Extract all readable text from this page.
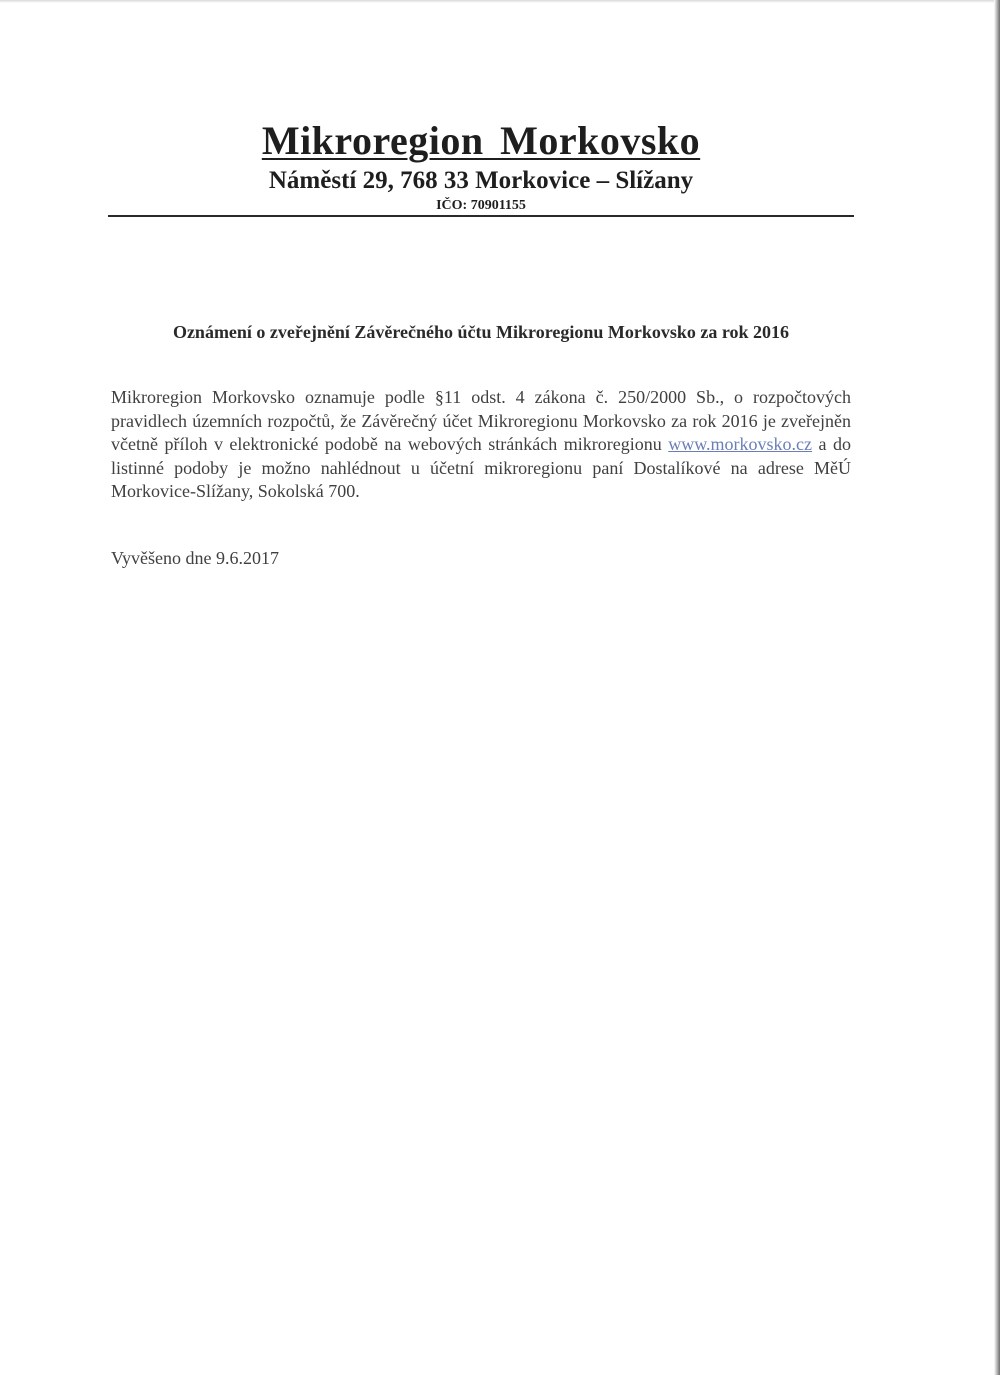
Mikroregion Morkovsko
Náměstí 29, 768 33 Morkovice – Slížany
IČO: 70901155
Oznámení o zveřejnění Závěrečného účtu Mikroregionu Morkovsko za rok 2016
Mikroregion Morkovsko oznamuje podle §11 odst. 4 zákona č. 250/2000 Sb., o rozpočtových pravidlech územních rozpočtů, že Závěrečný účet Mikroregionu Morkovsko za rok 2016 je zveřejněn včetně příloh v elektronické podobě na webových stránkách mikroregionu www.morkovsko.cz a do listinné podoby je možno nahlédnout u účetní mikroregionu paní Dostalíkové na adrese MěÚ Morkovice-Slížany, Sokolská 700.
Vyvěšeno dne 9.6.2017
